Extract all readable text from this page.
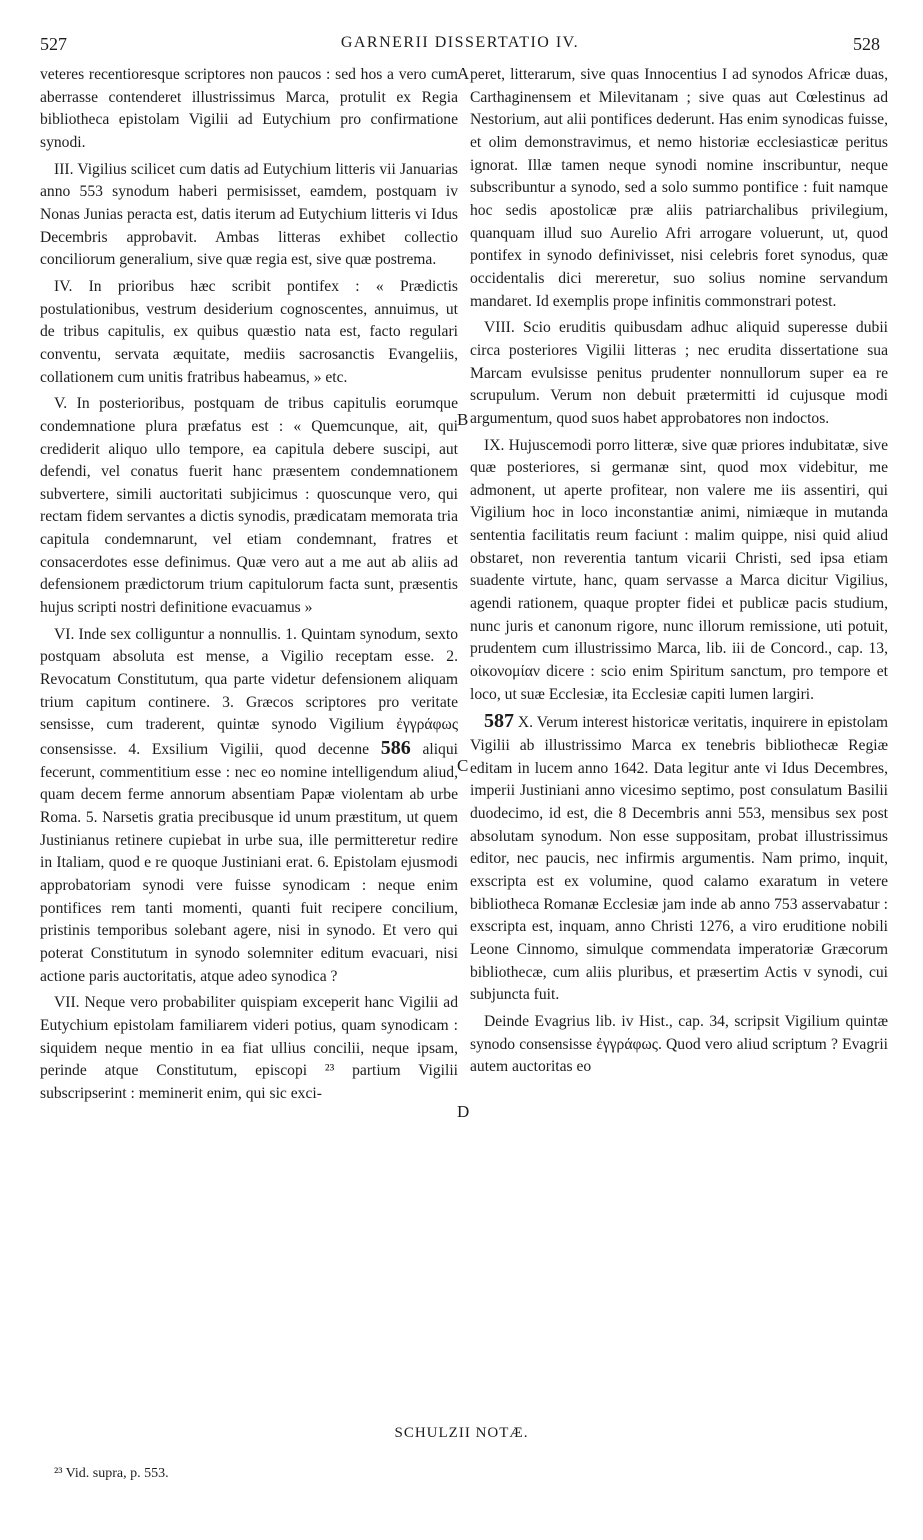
527	GARNERII DISSERTATIO IV.	528

veteres recentioresque scriptores non paucos : sed hos a vero cum aberrasse contenderet illustrissimus Marca, protulit ex Regia bibliotheca epistolam Vigilii ad Eutychium pro confirmatione synodi.

III. Vigilius scilicet cum datis ad Eutychium litteris vii Januarias anno 553 synodum haberi permisisset, eamdem, postquam iv Nonas Junias peracta est, datis iterum ad Eutychium litteris vi Idus Decembris approbavit. Ambas litteras exhibet collectio conciliorum generalium, sive quæ regia est, sive quæ postrema.

IV. In prioribus hæc scribit pontifex : « Prædictis postulationibus, vestrum desiderium cognoscentes, annuimus, ut de tribus capitulis, ex quibus quæstio nata est, facto regulari conventu, servata æquitate, mediis sacrosanctis Evangeliis, collationem cum unitis fratribus habeamus, » etc.

V. In posterioribus, postquam de tribus capitulis eorumque condemnatione plura præfatus est : « Quemcunque, ait, qui crediderit aliquo ullo tempore, ea capitula debere suscipi, aut defendi, vel conatus fuerit hanc præsentem condemnationem subvertere, simili auctoritati subjicimus : quoscunque vero, qui rectam fidem servantes a dictis synodis, prædicatam memorata tria capitula condemnarunt, vel etiam condemnant, fratres et consacerdotes esse definimus. Quæ vero aut a me aut ab aliis ad defensionem prædictorum trium capitulorum facta sunt, præsentis hujus scripti nostri definitione evacuamus »

VI. Inde sex colliguntur a nonnullis. 1. Quintam synodum, sexto postquam absoluta est mense, a Vigilio receptam esse. 2. Revocatum Constitutum, qua parte videtur defensionem aliquam trium capitum continere. 3. Græcos scriptores pro veritate sensisse, cum traderent, quintæ synodo Vigilium ἐγγράφως consensisse. 4. Exsilium Vigilii, quod decenne 586 aliqui fecerunt, commentitium esse : nec eo nomine intelligendum aliud, quam decem ferme annorum absentiam Papæ violentam ab urbe Roma. 5. Narsetis gratia precibusque id unum præstitum, ut quem Justinianus retinere cupiebat in urbe sua, ille permitteretur redire in Italiam, quod e re quoque Justiniani erat. 6. Epistolam ejusmodi approbatoriam synodi vere fuisse synodicam : neque enim pontifices rem tanti momenti, quanti fuit recipere concilium, pristinis temporibus solebant agere, nisi in synodo. Et vero qui poterat Constitutum in synodo solemniter editum evacuari, nisi actione paris auctoritatis, atque adeo synodica ?

VII. Neque vero probabiliter quispiam exceperit hanc Vigilii ad Eutychium epistolam familiarem videri potius, quam synodicam : siquidem neque mentio in ea fiat ullius concilii, neque ipsam, perinde atque Constitutum, episcopi ²³ partium Vigilii subscripserint : meminerit enim, qui sic exci-

A
B
C
D

peret, litterarum, sive quas Innocentius I ad synodos Africæ duas, Carthaginensem et Milevitanam ; sive quas aut Cœlestinus ad Nestorium, aut alii pontifices dederunt. Has enim synodicas fuisse, et olim demonstravimus, et nemo historiæ ecclesiasticæ peritus ignorat. Illæ tamen neque synodi nomine inscribuntur, neque subscribuntur a synodo, sed a solo summo pontifice : fuit namque hoc sedis apostolicæ præ aliis patriarchalibus privilegium, quanquam illud suo Aurelio Afri arrogare voluerunt, ut, quod pontifex in synodo definivisset, nisi celebris foret synodus, quæ occidentalis dici mereretur, suo solius nomine servandum mandaret. Id exemplis prope infinitis commonstrari potest.

VIII. Scio eruditis quibusdam adhuc aliquid superesse dubii circa posteriores Vigilii litteras ; nec erudita dissertatione sua Marcam evulsisse penitus prudenter nonnullorum super ea re scrupulum. Verum non debuit prætermitti id cujusque modi argumentum, quod suos habet approbatores non indoctos.

IX. Hujuscemodi porro litteræ, sive quæ priores indubitatæ, sive quæ posteriores, si germanæ sint, quod mox videbitur, me admonent, ut aperte profitear, non valere me iis assentiri, qui Vigilium hoc in loco inconstantiæ animi, nimiæque in mutanda sententia facilitatis reum faciunt : malim quippe, nisi quid aliud obstaret, non reverentia tantum vicarii Christi, sed ipsa etiam suadente virtute, hanc, quam servasse a Marca dicitur Vigilius, agendi rationem, quaque propter fidei et publicæ pacis studium, nunc juris et canonum rigore, nunc illorum remissione, uti potuit, prudentem cum illustrissimo Marca, lib. iii de Concord., cap. 13, οἰκονομίαν dicere : scio enim Spiritum sanctum, pro tempore et loco, ut suæ Ecclesiæ, ita Ecclesiæ capiti lumen largiri.

587 X. Verum interest historicæ veritatis, inquirere in epistolam Vigilii ab illustrissimo Marca ex tenebris bibliothecæ Regiæ editam in lucem anno 1642. Data legitur ante vi Idus Decembres, imperii Justiniani anno vicesimo septimo, post consulatum Basilii duodecimo, id est, die 8 Decembris anni 553, mensibus sex post absolutam synodum. Non esse suppositam, probat illustrissimus editor, nec paucis, nec infirmis argumentis. Nam primo, inquit, exscripta est ex volumine, quod calamo exaratum in vetere bibliotheca Romanæ Ecclesiæ jam inde ab anno 753 asservabatur : exscripta est, inquam, anno Christi 1276, a viro eruditione nobili Leone Cinnomo, simulque commendata imperatoriæ Græcorum bibliothecæ, cum aliis pluribus, et præsertim Actis v synodi, cui subjuncta fuit.

Deinde Evagrius lib. iv Hist., cap. 34, scripsit Vigilium quintæ synodo consensisse ἐγγράφως. Quod vero aliud scriptum ? Evagrii autem auctoritas eo

SCHULZII NOTÆ.
²³ Vid. supra, p. 553.
